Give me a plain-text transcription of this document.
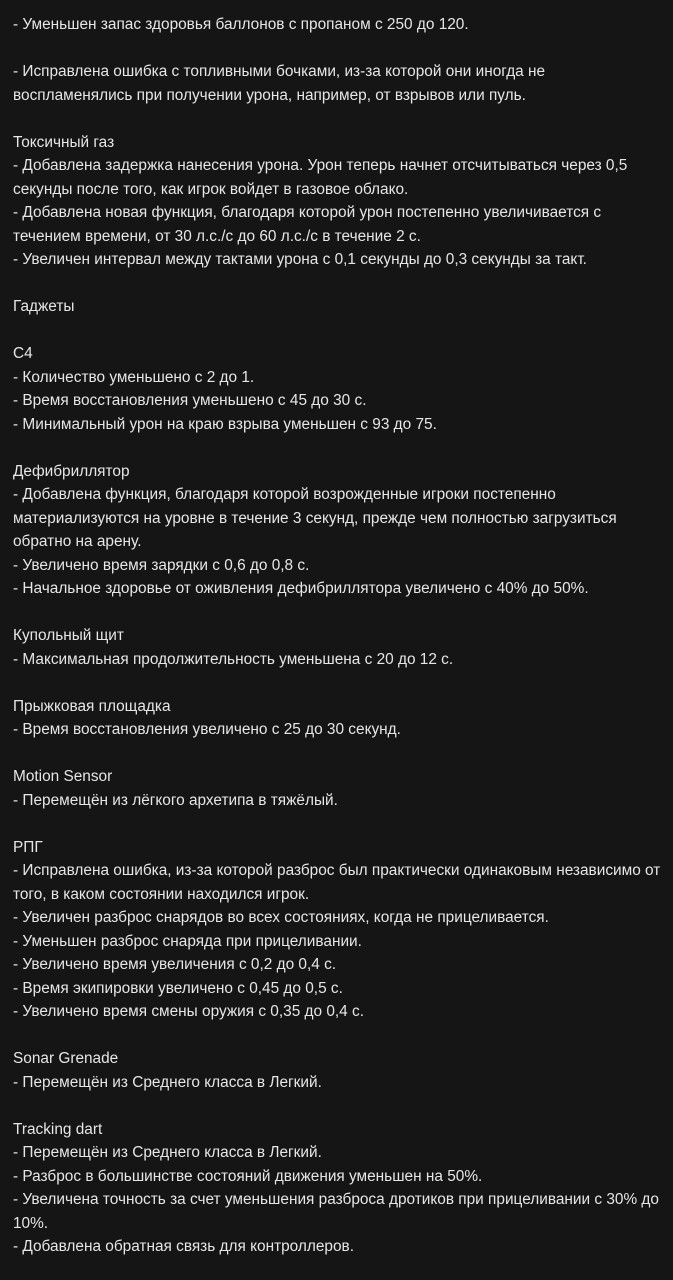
- Уменьшен запас здоровья баллонов с пропаном с 250 до 120.
- Исправлена ошибка с топливными бочками, из-за которой они иногда не воспламенялись при получении урона, например, от взрывов или пуль.
Токсичный газ
- Добавлена задержка нанесения урона. Урон теперь начнет отсчитываться через 0,5 секунды после того, как игрок войдет в газовое облако.
- Добавлена новая функция, благодаря которой урон постепенно увеличивается с течением времени, от 30 л.с./с до 60 л.с./с в течение 2 с.
- Увеличен интервал между тактами урона с 0,1 секунды до 0,3 секунды за такт.
Гаджеты
C4
- Количество уменьшено с 2 до 1.
- Время восстановления уменьшено с 45 до 30 с.
- Минимальный урон на краю взрыва уменьшен с 93 до 75.
Дефибриллятор
- Добавлена функция, благодаря которой возрожденные игроки постепенно материализуются на уровне в течение 3 секунд, прежде чем полностью загрузиться обратно на арену.
- Увеличено время зарядки с 0,6 до 0,8 с.
- Начальное здоровье от оживления дефибриллятора увеличено с 40% до 50%.
Купольный щит
- Максимальная продолжительность уменьшена с 20 до 12 с.
Прыжковая площадка
- Время восстановления увеличено с 25 до 30 секунд.
Motion Sensor
- Перемещён из лёгкого архетипа в тяжёлый.
РПГ
- Исправлена ошибка, из-за которой разброс был практически одинаковым независимо от того, в каком состоянии находился игрок.
- Увеличен разброс снарядов во всех состояниях, когда не прицеливается.
- Уменьшен разброс снаряда при прицеливании.
- Увеличено время увеличения с 0,2 до 0,4 с.
- Время экипировки увеличено с 0,45 до 0,5 с.
- Увеличено время смены оружия с 0,35 до 0,4 с.
Sonar Grenade
- Перемещён из Среднего класса в Легкий.
Tracking dart
- Перемещён из Среднего класса в Легкий.
- Разброс в большинстве состояний движения уменьшен на 50%.
- Увеличена точность за счет уменьшения разброса дротиков при прицеливании с 30% до 10%.
- Добавлена обратная связь для контроллеров.
